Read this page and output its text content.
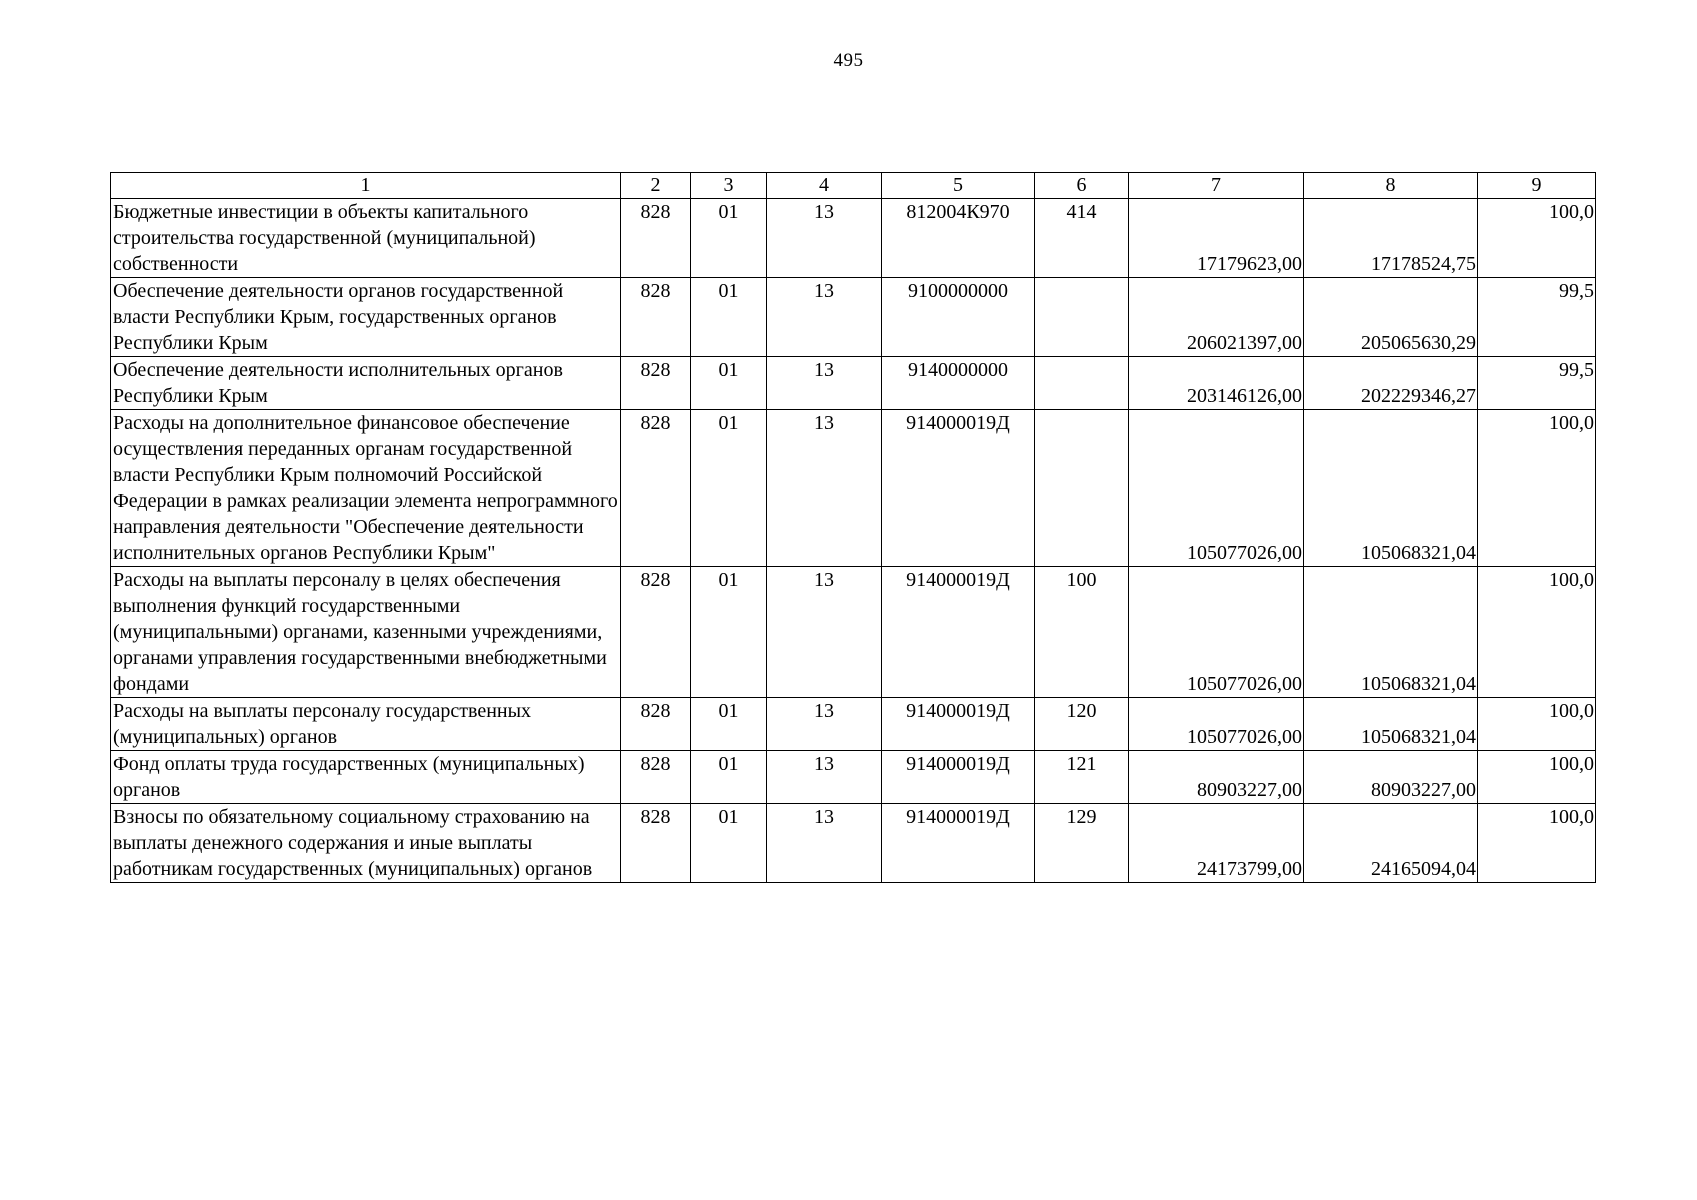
495
1	2	3	4	5	6	7	8	9
Бюджетные инвестиции в объекты капитального строительства государственной (муниципальной) собственности	828	01	13	812004К970	414	17179623,00	17178524,75	100,0
Обеспечение деятельности органов государственной власти Республики Крым, государственных органов Республики Крым	828	01	13	9100000000		206021397,00	205065630,29	99,5
Обеспечение деятельности исполнительных органов Республики Крым	828	01	13	9140000000		203146126,00	202229346,27	99,5
Расходы на дополнительное финансовое обеспечение осуществления переданных органам государственной власти Республики Крым полномочий Российской Федерации в рамках реализации элемента непрограммного направления деятельности "Обеспечение деятельности исполнительных органов Республики Крым"	828	01	13	914000019Д		105077026,00	105068321,04	100,0
Расходы на выплаты персоналу в целях обеспечения выполнения функций государственными (муниципальными) органами, казенными учреждениями, органами управления государственными внебюджетными фондами	828	01	13	914000019Д	100	105077026,00	105068321,04	100,0
Расходы на выплаты персоналу государственных (муниципальных) органов	828	01	13	914000019Д	120	105077026,00	105068321,04	100,0
Фонд оплаты труда государственных (муниципальных) органов	828	01	13	914000019Д	121	80903227,00	80903227,00	100,0
Взносы по обязательному социальному страхованию на выплаты денежного содержания и иные выплаты работникам государственных (муниципальных) органов	828	01	13	914000019Д	129	24173799,00	24165094,04	100,0
